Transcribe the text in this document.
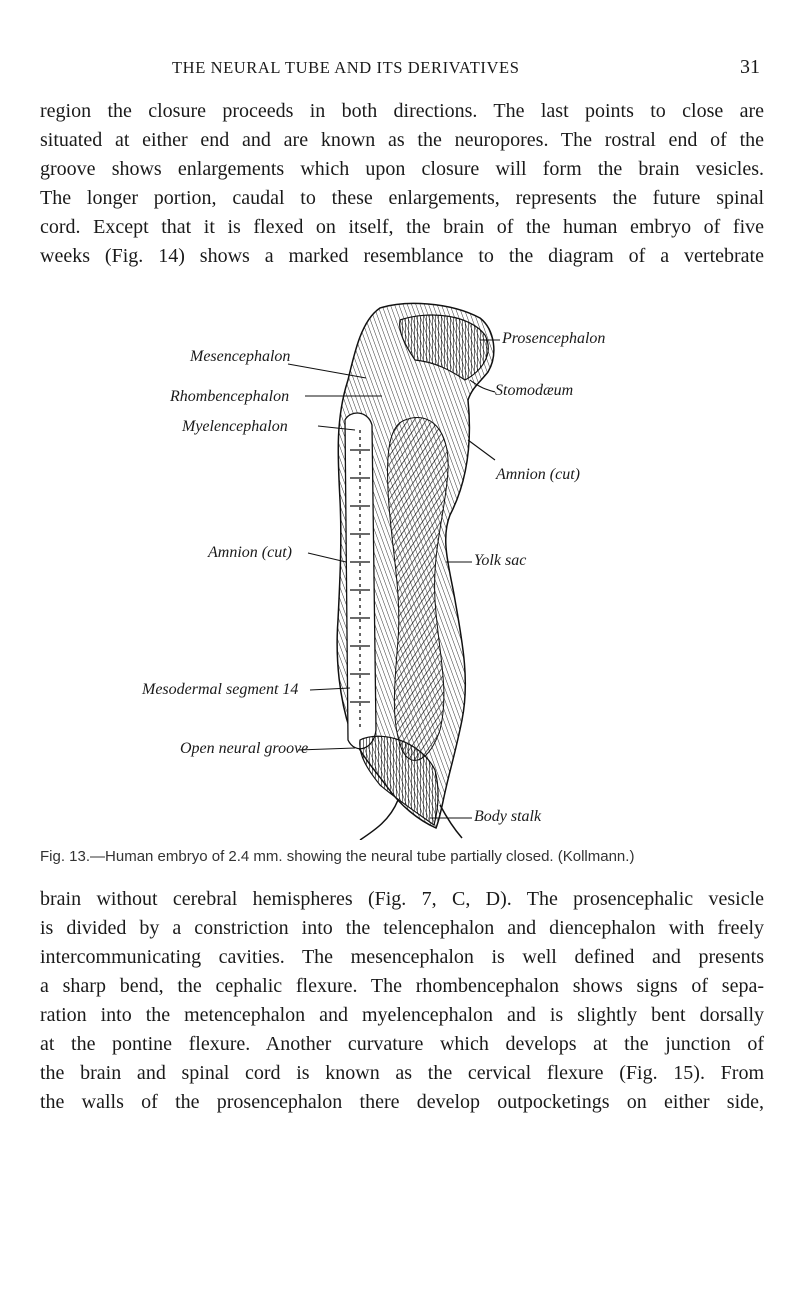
THE NEURAL TUBE AND ITS DERIVATIVES	31
region the closure proceeds in both directions. The last points to close are
situated at either end and are known as the neuropores. The rostral end of the
groove shows enlargements which upon closure will form the brain vesicles.
The longer portion, caudal to these enlargements, represents the future spinal
cord. Except that it is flexed on itself, the brain of the human embryo of five
weeks (Fig. 14) shows a marked resemblance to the diagram of a vertebrate
Mesencephalon
Rhombencephalon
Myelencephalon
Amnion (cut)
Mesodermal segment 14
Open neural groove
Prosencephalon
Stomodæum
Amnion (cut)
Yolk sac
Body stalk
Fig. 13.—Human embryo of 2.4 mm. showing the neural tube partially closed. (Kollmann.)
brain without cerebral hemispheres (Fig. 7, C, D). The prosencephalic vesicle
is divided by a constriction into the telencephalon and diencephalon with freely
intercommunicating cavities. The mesencephalon is well defined and presents
a sharp bend, the cephalic flexure. The rhombencephalon shows signs of sepa-
ration into the metencephalon and myelencephalon and is slightly bent dorsally
at the pontine flexure. Another curvature which develops at the junction of
the brain and spinal cord is known as the cervical flexure (Fig. 15). From
the walls of the prosencephalon there develop outpocketings on either side,
